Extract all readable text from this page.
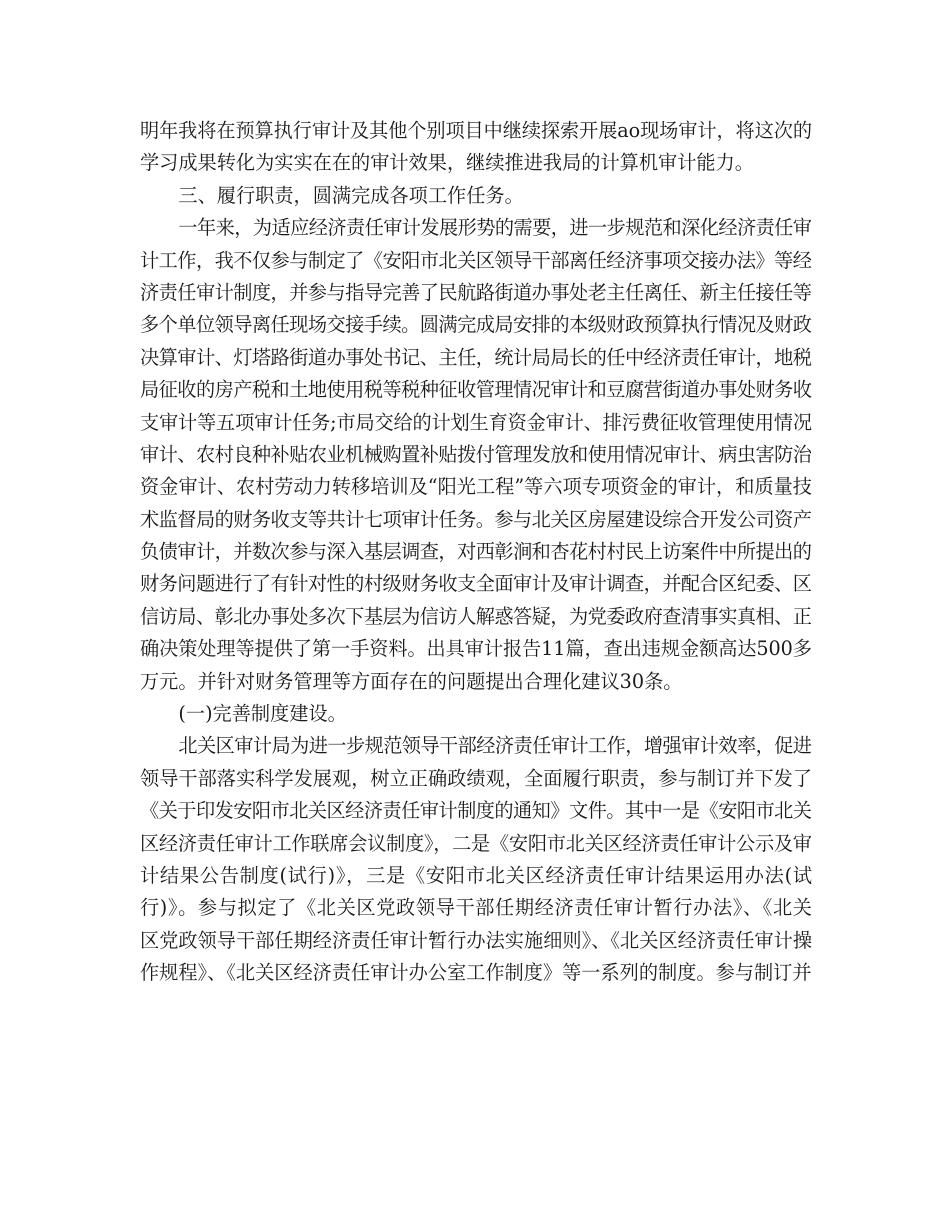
明年我将在预算执行审计及其他个别项目中继续探索开展ao现场审计，将这次的
学习成果转化为实实在在的审计效果，继续推进我局的计算机审计能力。
三、履行职责，圆满完成各项工作任务。
一年来，为适应经济责任审计发展形势的需要，进一步规范和深化经济责任审
计工作，我不仅参与制定了《安阳市北关区领导干部离任经济事项交接办法》等经
济责任审计制度，并参与指导完善了民航路街道办事处老主任离任、新主任接任等
多个单位领导离任现场交接手续。圆满完成局安排的本级财政预算执行情况及财政
决算审计、灯塔路街道办事处书记、主任，统计局局长的任中经济责任审计，地税
局征收的房产税和土地使用税等税种征收管理情况审计和豆腐营街道办事处财务收
支审计等五项审计任务;市局交给的计划生育资金审计、排污费征收管理使用情况
审计、农村良种补贴农业机械购置补贴拨付管理发放和使用情况审计、病虫害防治
资金审计、农村劳动力转移培训及“阳光工程”等六项专项资金的审计，和质量技
术监督局的财务收支等共计七项审计任务。参与北关区房屋建设综合开发公司资产
负债审计，并数次参与深入基层调查，对西彰涧和杏花村村民上访案件中所提出的
财务问题进行了有针对性的村级财务收支全面审计及审计调查，并配合区纪委、区
信访局、彰北办事处多次下基层为信访人解惑答疑，为党委政府查清事实真相、正
确决策处理等提供了第一手资料。出具审计报告11篇，查出违规金额高达500多
万元。并针对财务管理等方面存在的问题提出合理化建议30条。
(一)完善制度建设。
北关区审计局为进一步规范领导干部经济责任审计工作，增强审计效率，促进
领导干部落实科学发展观，树立正确政绩观，全面履行职责，参与制订并下发了
《关于印发安阳市北关区经济责任审计制度的通知》文件。其中一是《安阳市北关
区经济责任审计工作联席会议制度》，二是《安阳市北关区经济责任审计公示及审
计结果公告制度(试行)》，三是《安阳市北关区经济责任审计结果运用办法(试
行)》。参与拟定了《北关区党政领导干部任期经济责任审计暂行办法》、《北关
区党政领导干部任期经济责任审计暂行办法实施细则》、《北关区经济责任审计操
作规程》、《北关区经济责任审计办公室工作制度》等一系列的制度。参与制订并
